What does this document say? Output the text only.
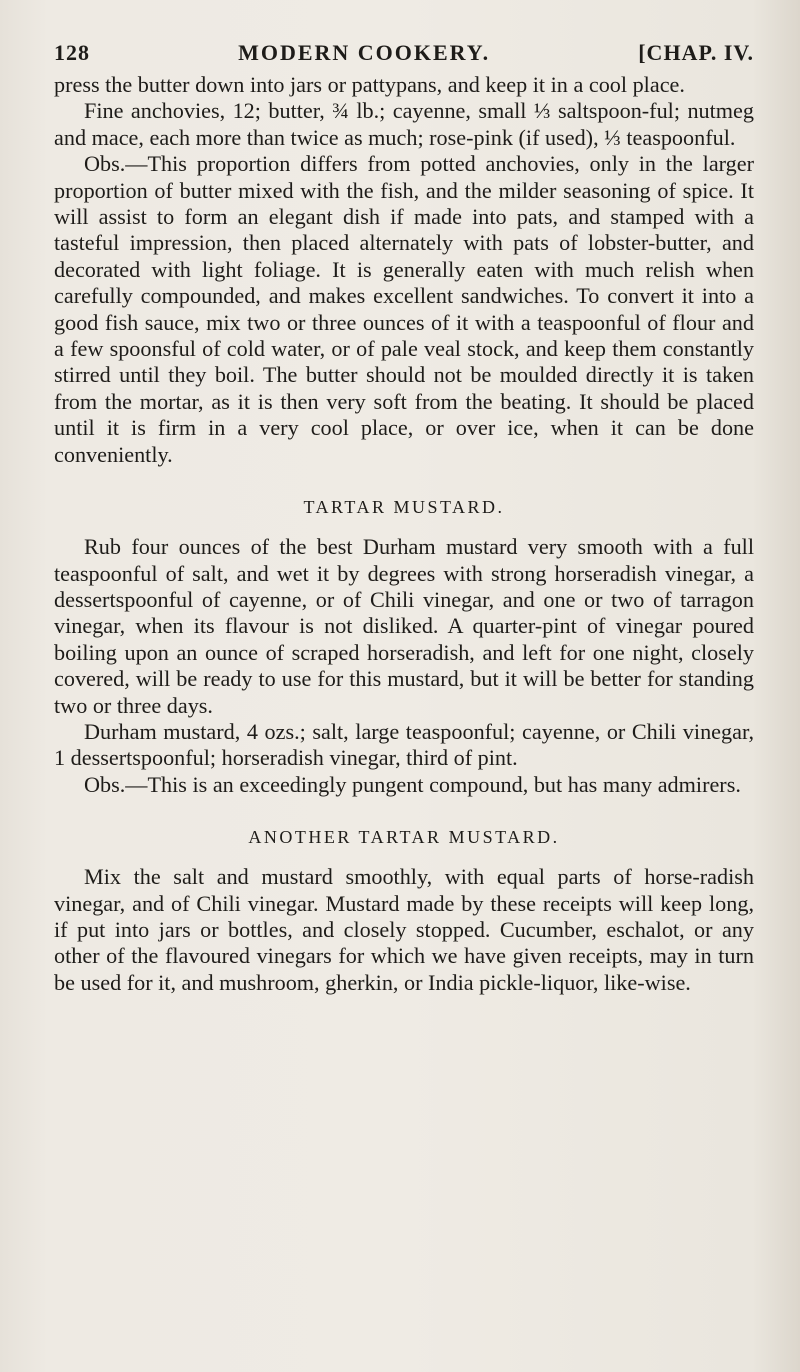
128	MODERN COOKERY.	[CHAP. IV.

press the butter down into jars or pattypans, and keep it in a cool place.

Fine anchovies, 12; butter, ¾ lb.; cayenne, small ⅓ saltspoon-ful; nutmeg and mace, each more than twice as much; rose-pink (if used), ⅓ teaspoonful.

Obs.—This proportion differs from potted anchovies, only in the larger proportion of butter mixed with the fish, and the milder seasoning of spice. It will assist to form an elegant dish if made into pats, and stamped with a tasteful impression, then placed alternately with pats of lobster-butter, and decorated with light foliage. It is generally eaten with much relish when carefully compounded, and makes excellent sandwiches. To convert it into a good fish sauce, mix two or three ounces of it with a teaspoonful of flour and a few spoonsful of cold water, or of pale veal stock, and keep them constantly stirred until they boil. The butter should not be moulded directly it is taken from the mortar, as it is then very soft from the beating. It should be placed until it is firm in a very cool place, or over ice, when it can be done conveniently.

TARTAR MUSTARD.

Rub four ounces of the best Durham mustard very smooth with a full teaspoonful of salt, and wet it by degrees with strong horseradish vinegar, a dessertspoonful of cayenne, or of Chili vinegar, and one or two of tarragon vinegar, when its flavour is not disliked. A quarter-pint of vinegar poured boiling upon an ounce of scraped horseradish, and left for one night, closely covered, will be ready to use for this mustard, but it will be better for standing two or three days.

Durham mustard, 4 ozs.; salt, large teaspoonful; cayenne, or Chili vinegar, 1 dessertspoonful; horseradish vinegar, third of pint.

Obs.—This is an exceedingly pungent compound, but has many admirers.

ANOTHER TARTAR MUSTARD.

Mix the salt and mustard smoothly, with equal parts of horse-radish vinegar, and of Chili vinegar. Mustard made by these receipts will keep long, if put into jars or bottles, and closely stopped. Cucumber, eschalot, or any other of the flavoured vinegars for which we have given receipts, may in turn be used for it, and mushroom, gherkin, or India pickle-liquor, like-wise.
